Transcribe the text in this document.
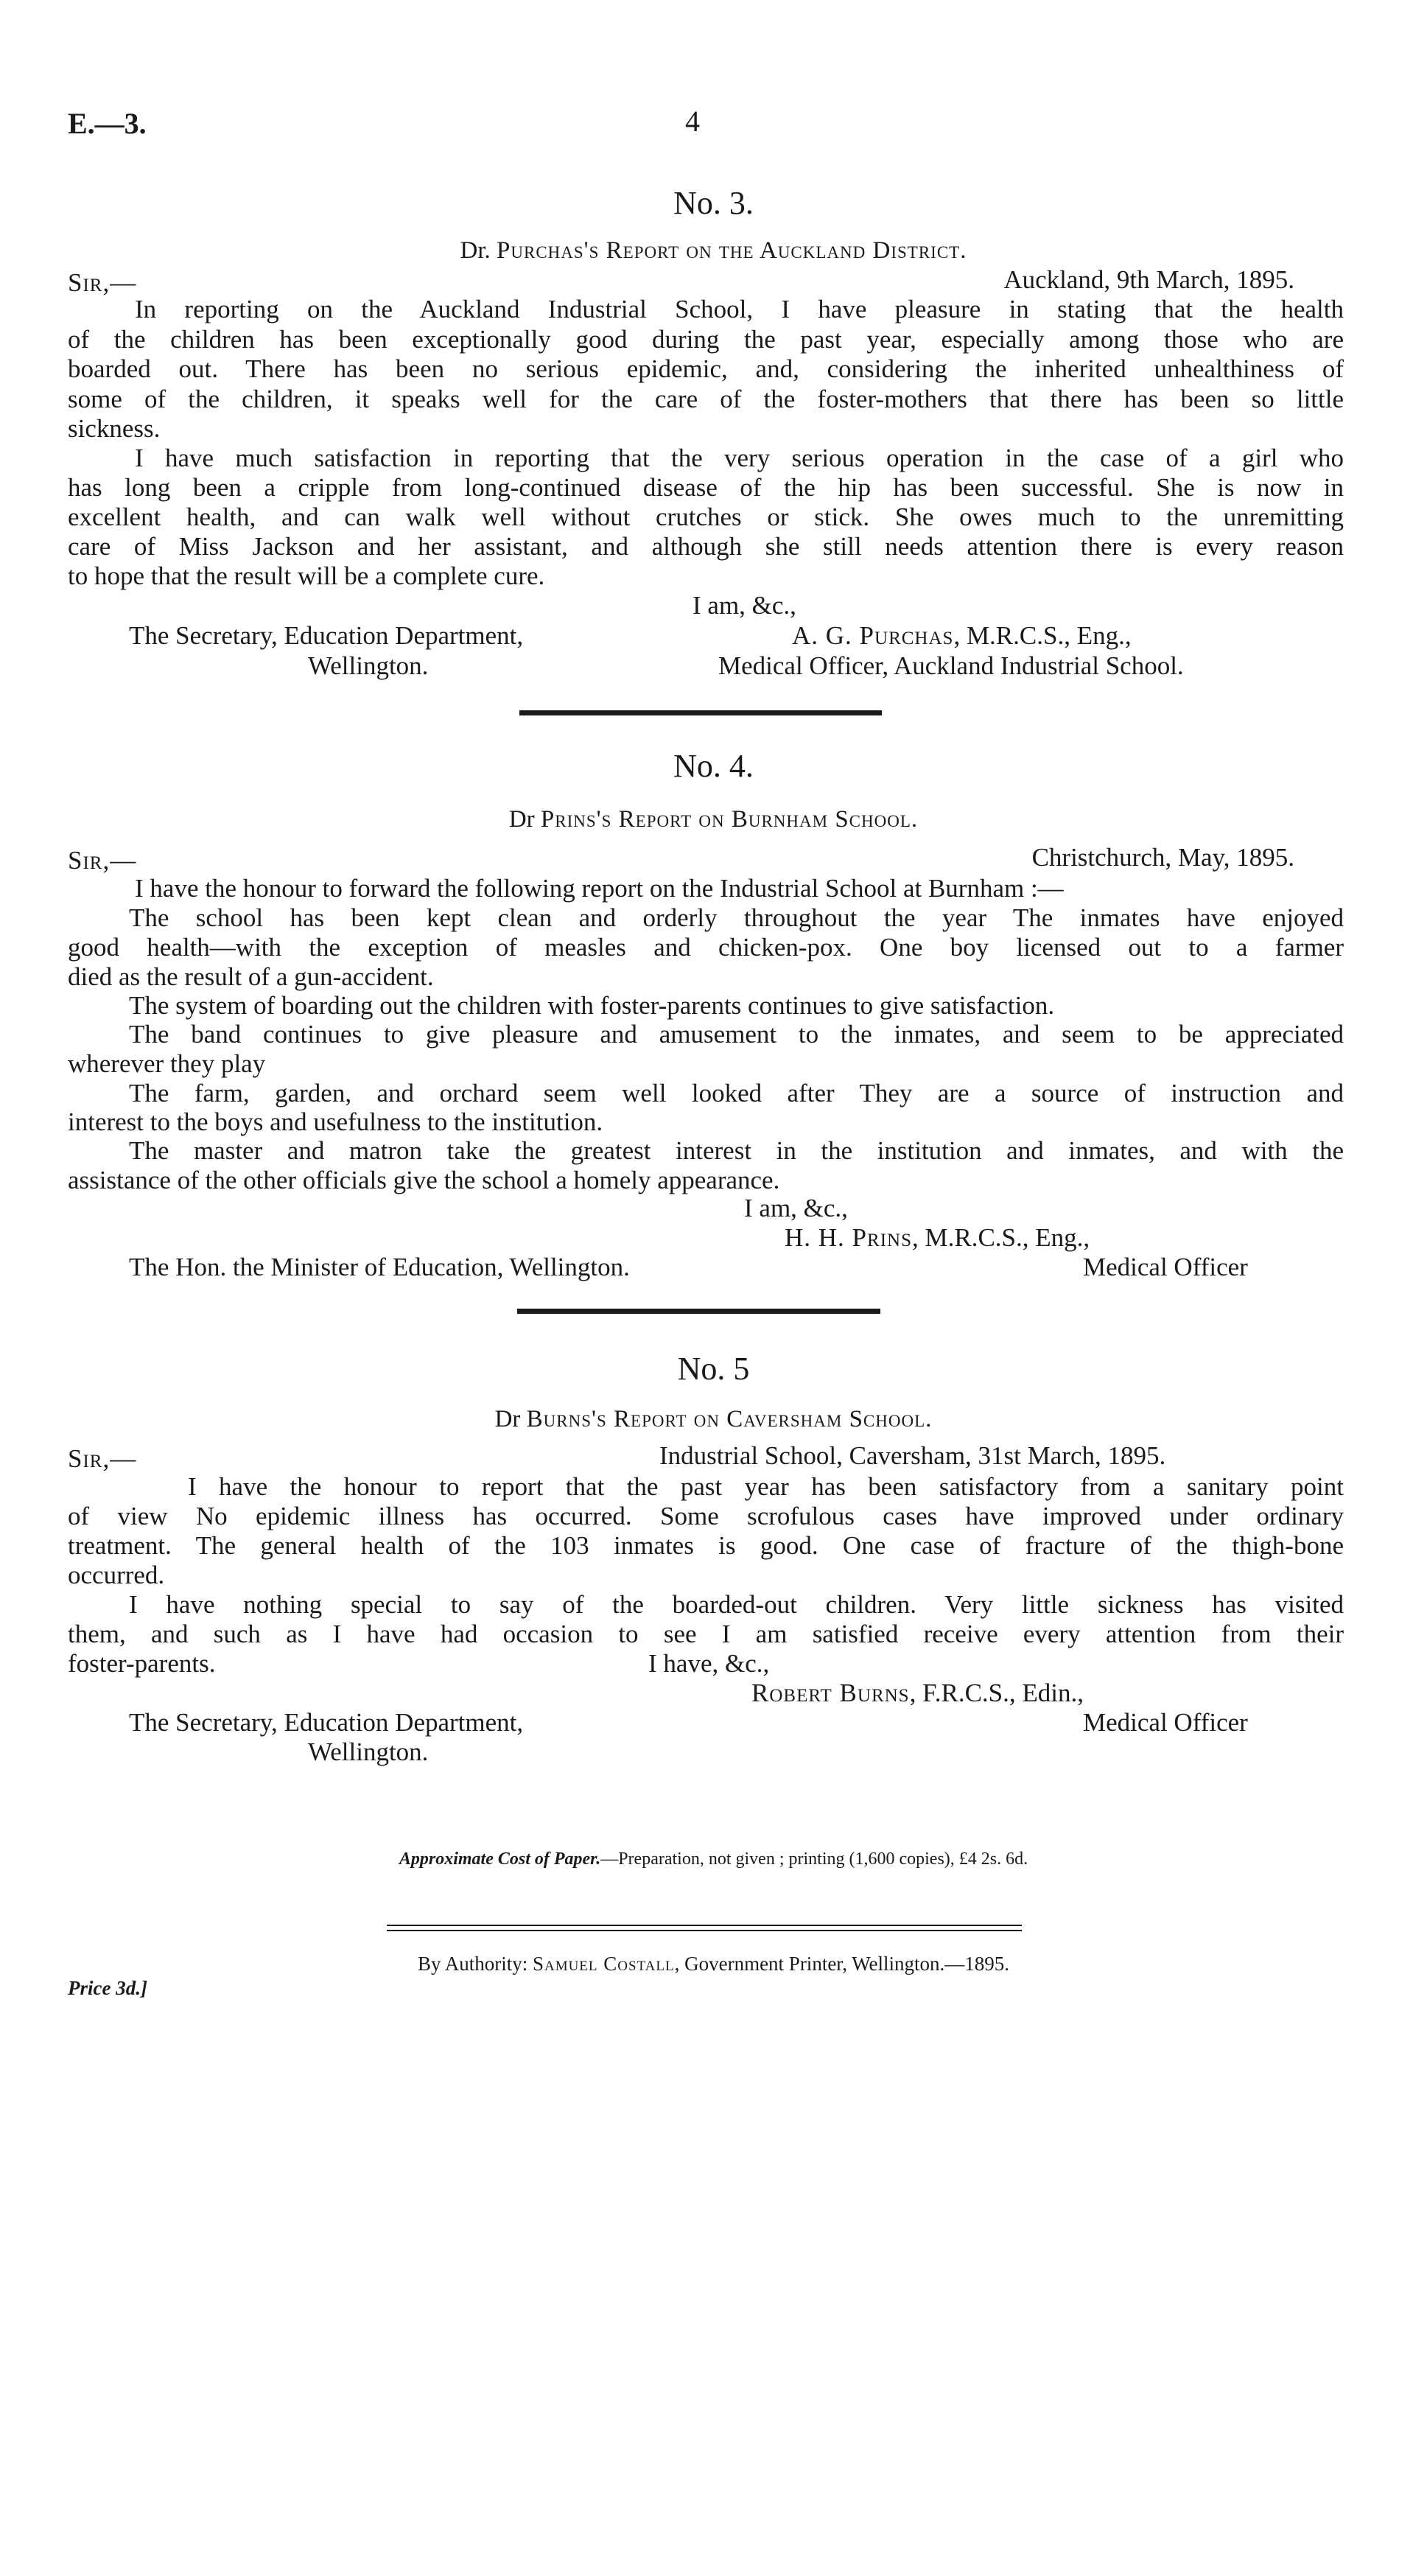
E.—3.	4
No. 3.
Dr. Purchas's Report on the Auckland District.
Sir,—	Auckland, 9th March, 1895.
In reporting on the Auckland Industrial School, I have pleasure in stating that the health
of the children has been exceptionally good during the past year, especially among those who are
boarded out. There has been no serious epidemic, and, considering the inherited unhealthiness of
some of the children, it speaks well for the care of the foster-mothers that there has been so little
sickness.
I have much satisfaction in reporting that the very serious operation in the case of a girl who
has long been a cripple from long-continued disease of the hip has been successful. She is now in
excellent health, and can walk well without crutches or stick. She owes much to the unremitting
care of Miss Jackson and her assistant, and although she still needs attention there is every reason
to hope that the result will be a complete cure.
I am, &c.,
The Secretary, Education Department,	A. G. Purchas, M.R.C.S., Eng.,
Wellington.	Medical Officer, Auckland Industrial School.
No. 4.
Dr Prins's Report on Burnham School.
Sir,—	Christchurch, May, 1895.
I have the honour to forward the following report on the Industrial School at Burnham :—
The school has been kept clean and orderly throughout the year The inmates have enjoyed
good health—with the exception of measles and chicken-pox. One boy licensed out to a farmer
died as the result of a gun-accident.
The system of boarding out the children with foster-parents continues to give satisfaction.
The band continues to give pleasure and amusement to the inmates, and seem to be appreciated
wherever they play
The farm, garden, and orchard seem well looked after They are a source of instruction and
interest to the boys and usefulness to the institution.
The master and matron take the greatest interest in the institution and inmates, and with the
assistance of the other officials give the school a homely appearance.
I am, &c.,
H. H. Prins, M.R.C.S., Eng.,
The Hon. the Minister of Education, Wellington.	Medical Officer
No. 5
Dr Burns's Report on Caversham School.
Sir,—	Industrial School, Caversham, 31st March, 1895.
I have the honour to report that the past year has been satisfactory from a sanitary point
of view No epidemic illness has occurred. Some scrofulous cases have improved under ordinary
treatment. The general health of the 103 inmates is good. One case of fracture of the thigh-bone
occurred.
I have nothing special to say of the boarded-out children. Very little sickness has visited
them, and such as I have had occasion to see I am satisfied receive every attention from their
foster-parents.	I have, &c.,
Robert Burns, F.R.C.S., Edin.,
The Secretary, Education Department,	Medical Officer
Wellington.
Approximate Cost of Paper.—Preparation, not given ; printing (1,600 copies), £4 2s. 6d.
By Authority: Samuel Costall, Government Printer, Wellington.—1895.
Price 3d.]
